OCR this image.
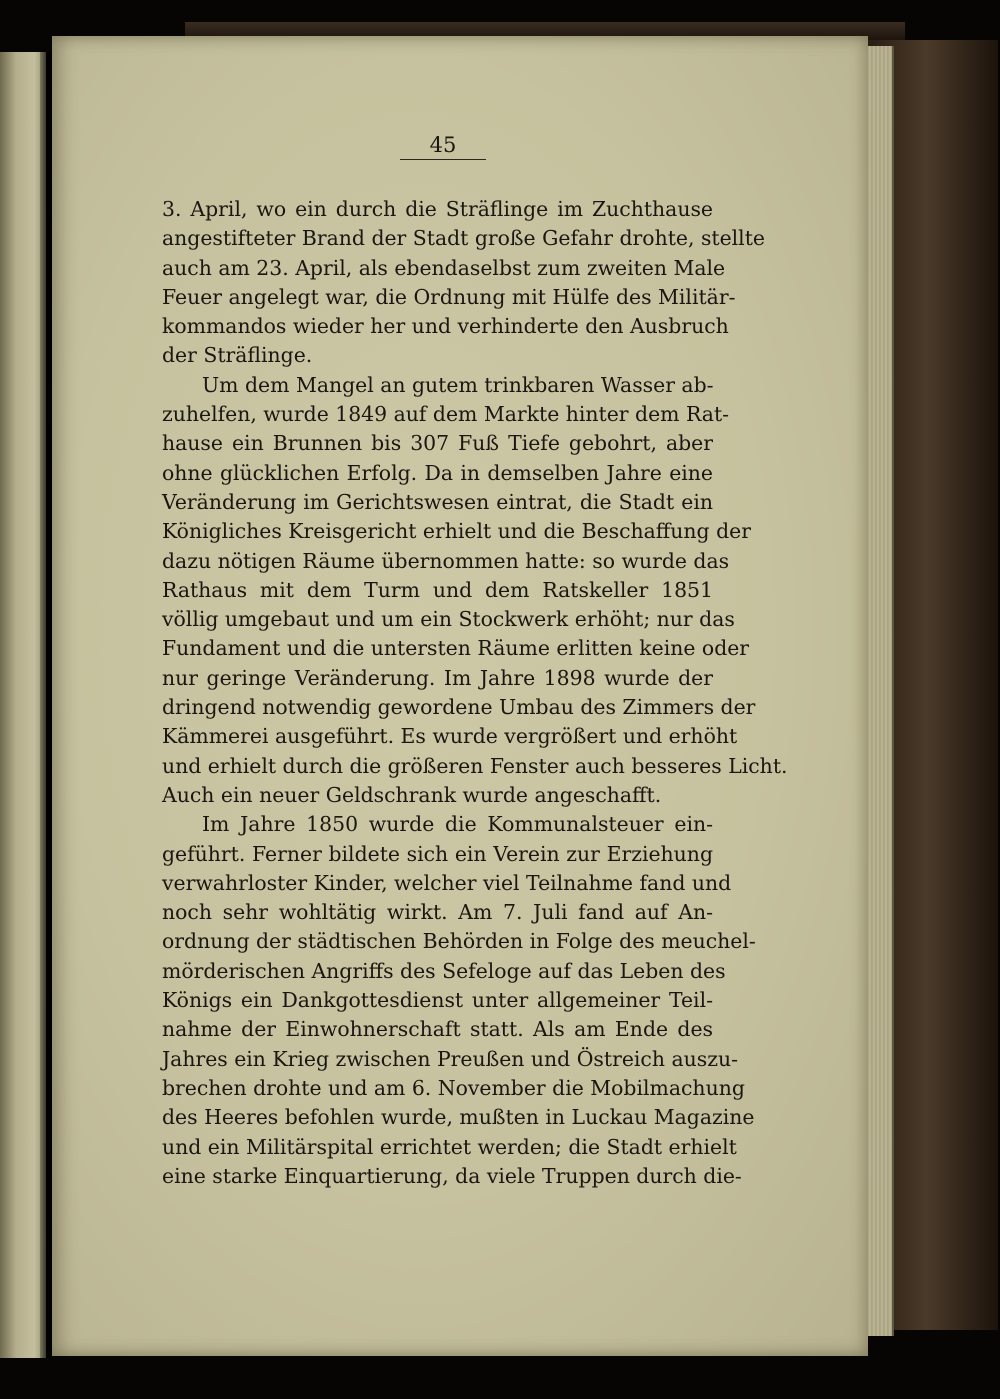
45
3. April, wo ein durch die Sträflinge im Zuchthause
angestifteter Brand der Stadt große Gefahr drohte, stellte
auch am 23. April, als ebendaselbst zum zweiten Male
Feuer angelegt war, die Ordnung mit Hülfe des Militär-
kommandos wieder her und verhinderte den Ausbruch
der Sträflinge.
Um dem Mangel an gutem trinkbaren Wasser ab-
zuhelfen, wurde 1849 auf dem Markte hinter dem Rat-
hause ein Brunnen bis 307 Fuß Tiefe gebohrt, aber
ohne glücklichen Erfolg. Da in demselben Jahre eine
Veränderung im Gerichtswesen eintrat, die Stadt ein
Königliches Kreisgericht erhielt und die Beschaffung der
dazu nötigen Räume übernommen hatte: so wurde das
Rathaus mit dem Turm und dem Ratskeller 1851
völlig umgebaut und um ein Stockwerk erhöht; nur das
Fundament und die untersten Räume erlitten keine oder
nur geringe Veränderung. Im Jahre 1898 wurde der
dringend notwendig gewordene Umbau des Zimmers der
Kämmerei ausgeführt. Es wurde vergrößert und erhöht
und erhielt durch die größeren Fenster auch besseres Licht.
Auch ein neuer Geldschrank wurde angeschafft.
Im Jahre 1850 wurde die Kommunalsteuer ein-
geführt. Ferner bildete sich ein Verein zur Erziehung
verwahrloster Kinder, welcher viel Teilnahme fand und
noch sehr wohltätig wirkt. Am 7. Juli fand auf An-
ordnung der städtischen Behörden in Folge des meuchel-
mörderischen Angriffs des Sefeloge auf das Leben des
Königs ein Dankgottesdienst unter allgemeiner Teil-
nahme der Einwohnerschaft statt. Als am Ende des
Jahres ein Krieg zwischen Preußen und Östreich auszu-
brechen drohte und am 6. November die Mobilmachung
des Heeres befohlen wurde, mußten in Luckau Magazine
und ein Militärspital errichtet werden; die Stadt erhielt
eine starke Einquartierung, da viele Truppen durch die-
